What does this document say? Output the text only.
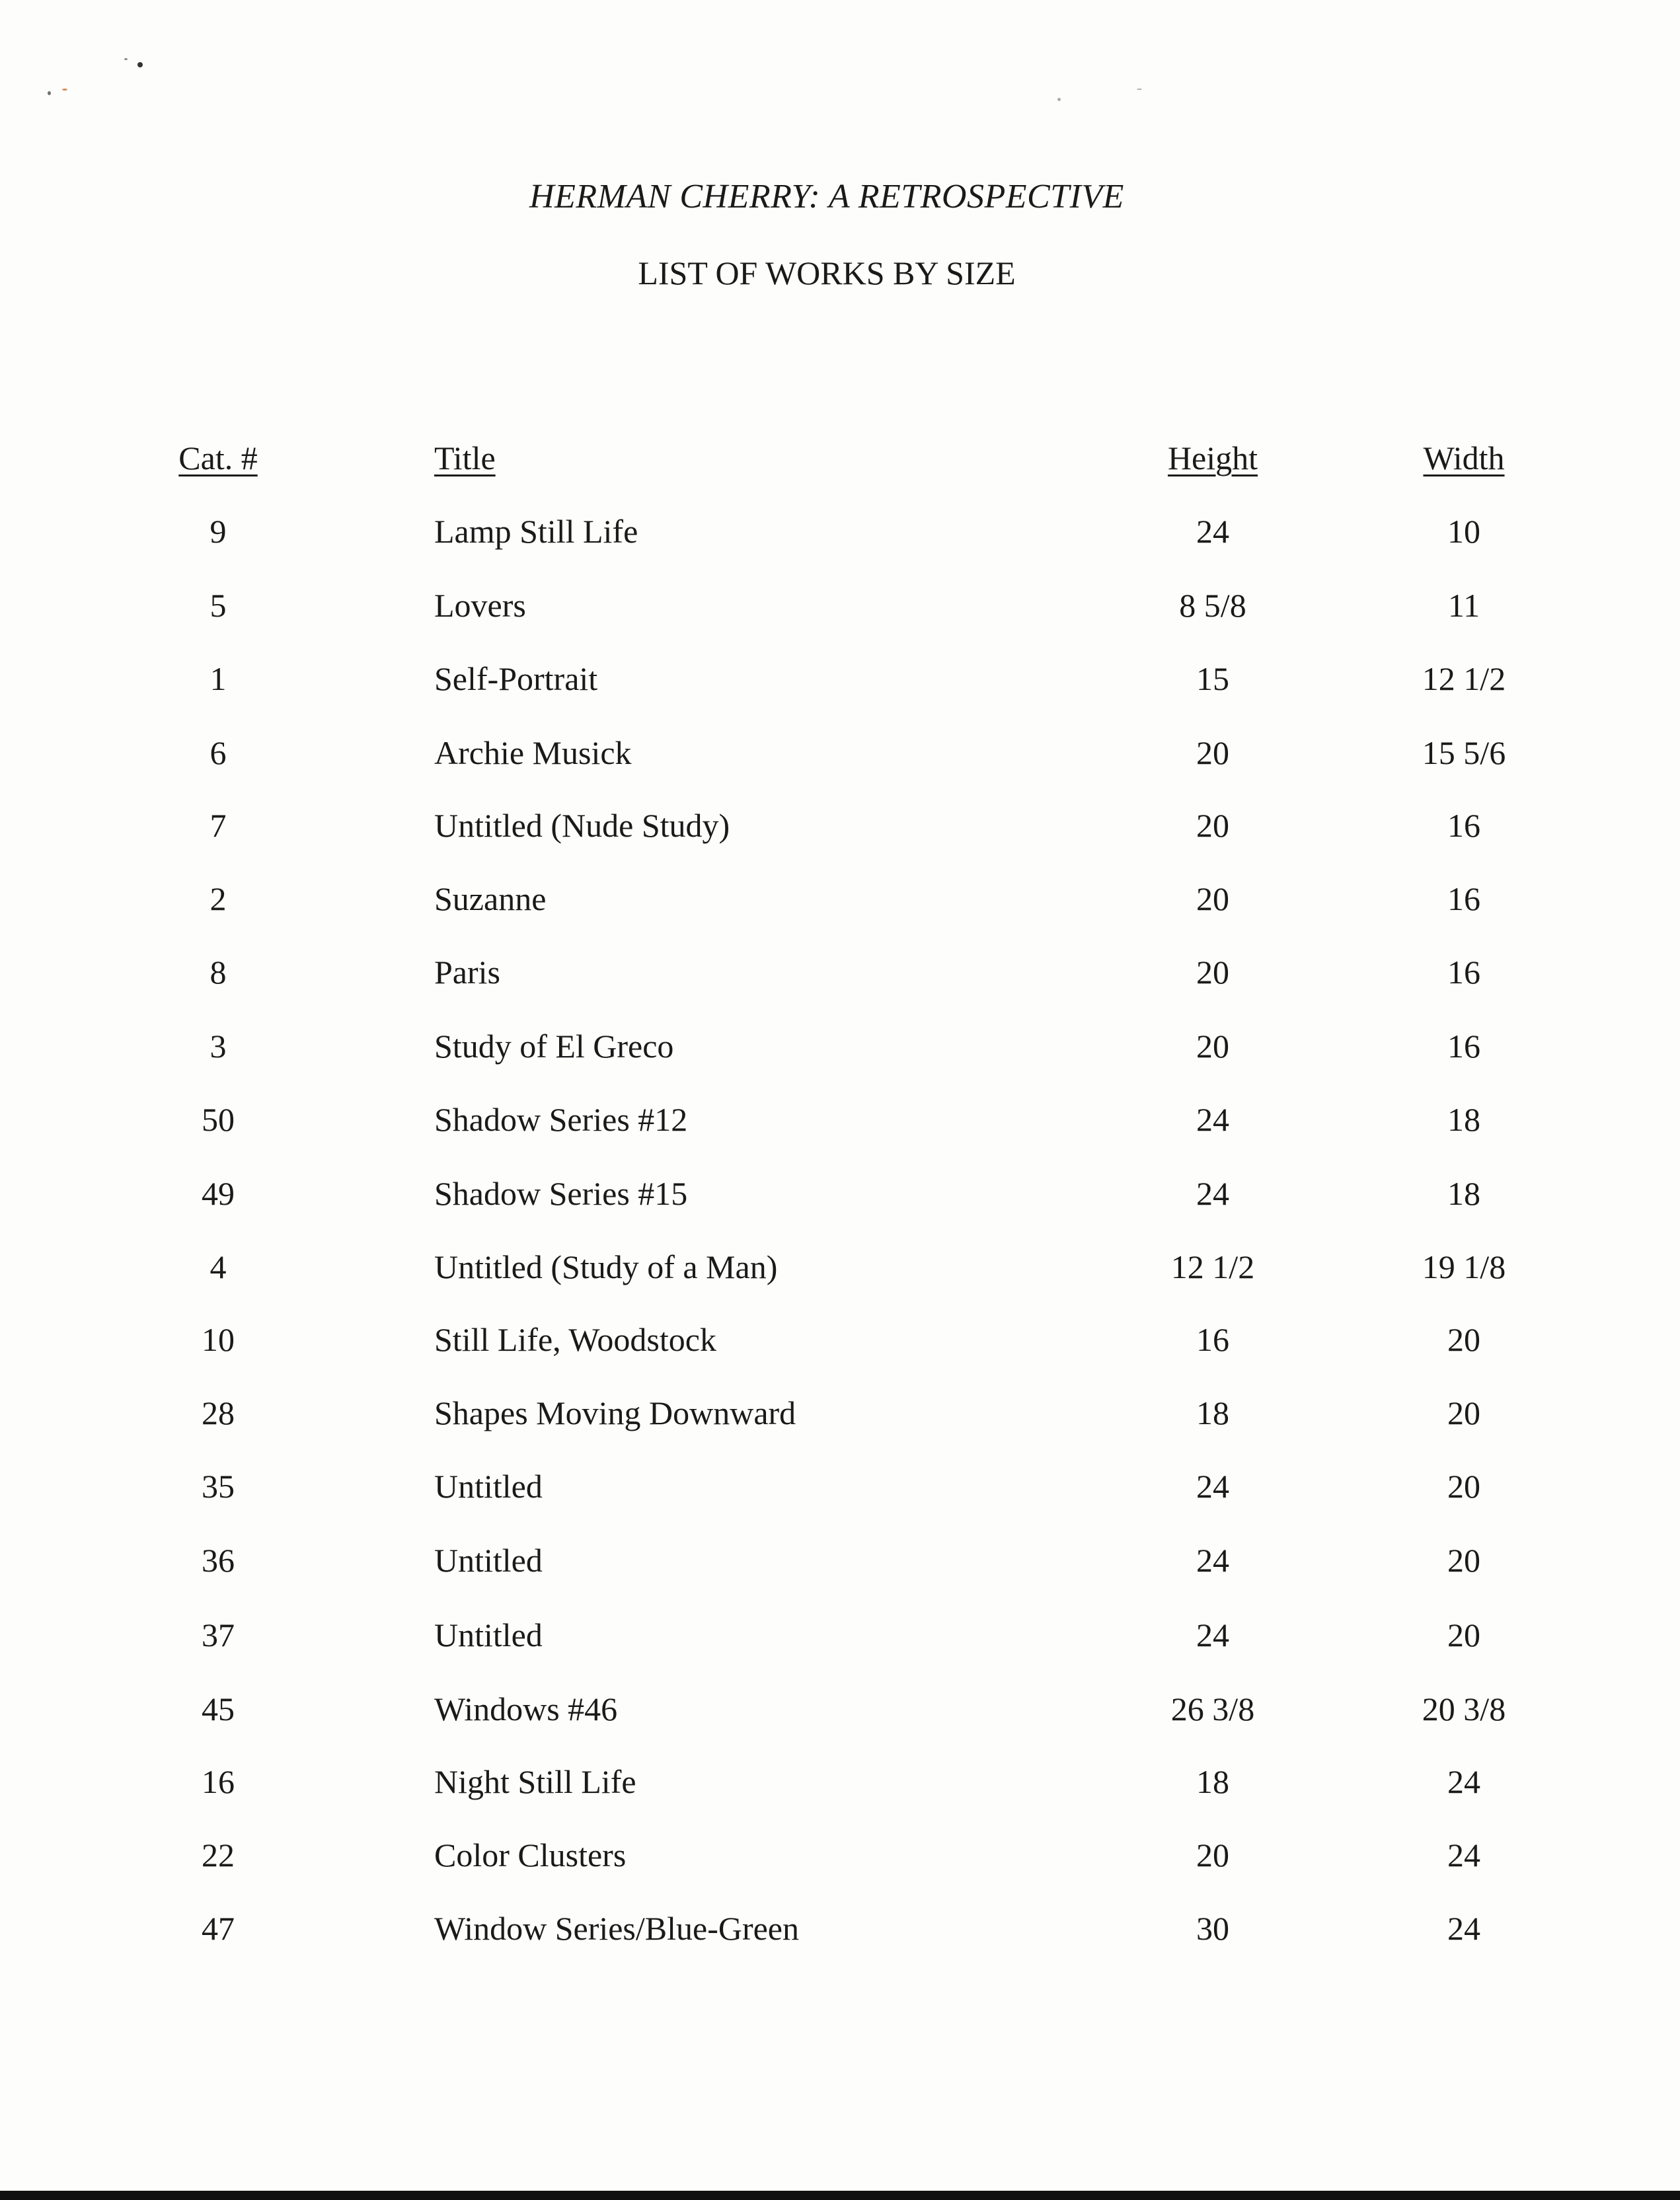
HERMAN CHERRY: A RETROSPECTIVE
LIST OF WORKS BY SIZE
Cat. #	Title	Height	Width
9	Lamp Still Life	24	10
5	Lovers	8 5/8	11
1	Self-Portrait	15	12 1/2
6	Archie Musick	20	15 5/6
7	Untitled (Nude Study)	20	16
2	Suzanne	20	16
8	Paris	20	16
3	Study of El Greco	20	16
50	Shadow Series #12	24	18
49	Shadow Series #15	24	18
4	Untitled (Study of a Man)	12 1/2	19 1/8
10	Still Life, Woodstock	16	20
28	Shapes Moving Downward	18	20
35	Untitled	24	20
36	Untitled	24	20
37	Untitled	24	20
45	Windows #46	26 3/8	20 3/8
16	Night Still Life	18	24
22	Color Clusters	20	24
47	Window Series/Blue-Green	30	24
